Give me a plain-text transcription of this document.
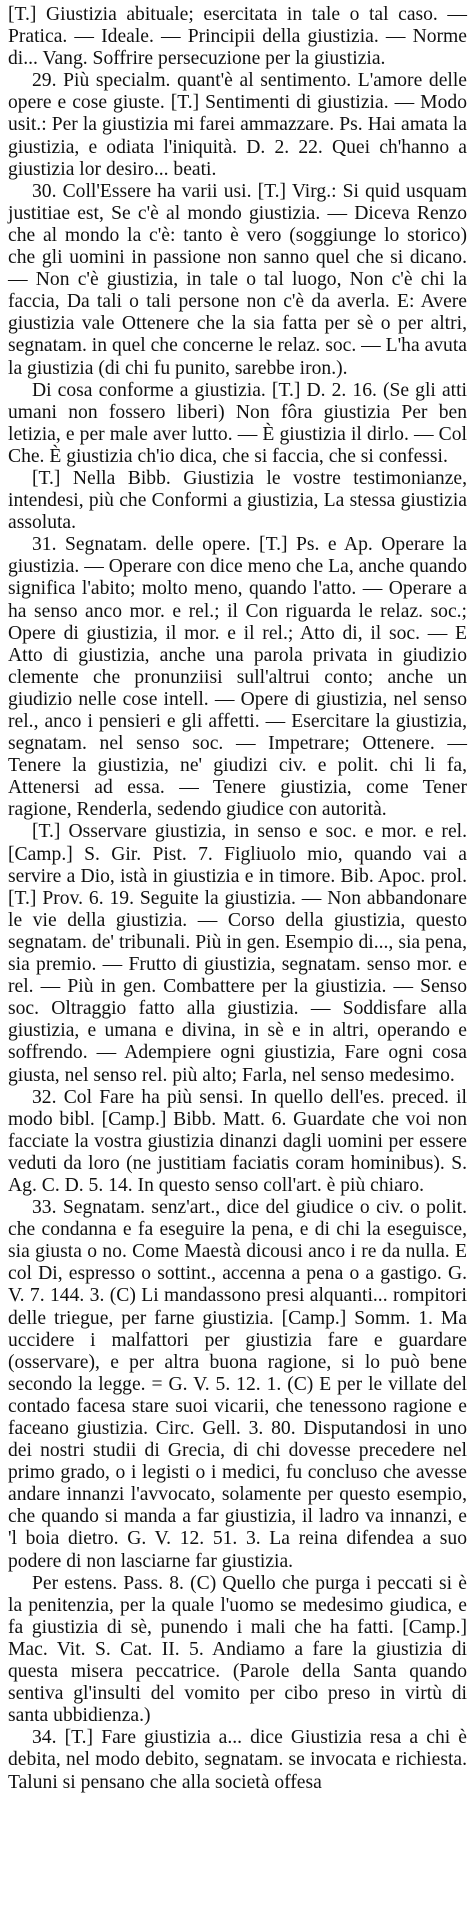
[T.] Giustizia abituale; esercitata in tale o tal caso. — Pratica. — Ideale. — Principii della giustizia. — Norme di... Vang. Soffrire persecuzione per la giustizia.

29. Più specialm. quant'è al sentimento. L'amore delle opere e cose giuste. [T.] Sentimenti di giustizia. — Modo usit.: Per la giustizia mi farei ammazzare. Ps. Hai amata la giustizia, e odiata l'iniquità. D. 2. 22. Quei ch'hanno a giustizia lor desiro... beati.

30. Coll'Essere ha varii usi. [T.] Virg.: Si quid usquam justitiae est, Se c'è al mondo giustizia. — Diceva Renzo che al mondo la c'è: tanto è vero (soggiunge lo storico) che gli uomini in passione non sanno quel che si dicano. — Non c'è giustizia, in tale o tal luogo, Non c'è chi la faccia, Da tali o tali persone non c'è da averla. E: Avere giustizia vale Ottenere che la sia fatta per sè o per altri, segnatam. in quel che concerne le relaz. soc. — L'ha avuta la giustizia (di chi fu punito, sarebbe iron.).

Di cosa conforme a giustizia. [T.] D. 2. 16. (Se gli atti umani non fossero liberi) Non fôra giustizia Per ben letizia, e per male aver lutto. — È giustizia il dirlo. — Col Che. È giustizia ch'io dica, che si faccia, che si confessi.

[T.] Nella Bibb. Giustizia le vostre testimonianze, intendesi, più che Conformi a giustizia, La stessa giustizia assoluta.

31. Segnatam. delle opere. [T.] Ps. e Ap. Operare la giustizia. — Operare con dice meno che La, anche quando significa l'abito; molto meno, quando l'atto. — Operare a ha senso anco mor. e rel.; il Con riguarda le relaz. soc.; Opere di giustizia, il mor. e il rel.; Atto di, il soc. — E Atto di giustizia, anche una parola privata in giudizio clemente che pronunziisi sull'altrui conto; anche un giudizio nelle cose intell. — Opere di giustizia, nel senso rel., anco i pensieri e gli affetti. — Esercitare la giustizia, segnatam. nel senso soc. — Impetrare; Ottenere. — Tenere la giustizia, ne' giudizi civ. e polit. chi li fa, Attenersi ad essa. — Tenere giustizia, come Tener ragione, Renderla, sedendo giudice con autorità.

[T.] Osservare giustizia, in senso e soc. e mor. e rel. [Camp.] S. Gir. Pist. 7. Figliuolo mio, quando vai a servire a Dio, istà in giustizia e in timore. Bib. Apoc. prol. [T.] Prov. 6. 19. Seguite la giustizia. — Non abbandonare le vie della giustizia. — Corso della giustizia, questo segnatam. de' tribunali. Più in gen. Esempio di..., sia pena, sia premio. — Frutto di giustizia, segnatam. senso mor. e rel. — Più in gen. Combattere per la giustizia. — Senso soc. Oltraggio fatto alla giustizia. — Soddisfare alla giustizia, e umana e divina, in sè e in altri, operando e soffrendo. — Adempiere ogni giustizia, Fare ogni cosa giusta, nel senso rel. più alto; Farla, nel senso medesimo.

32. Col Fare ha più sensi. In quello dell'es. preced. il modo bibl. [Camp.] Bibb. Matt. 6. Guardate che voi non facciate la vostra giustizia dinanzi dagli uomini per essere veduti da loro (ne justitiam faciatis coram hominibus). S. Ag. C. D. 5. 14. In questo senso coll'art. è più chiaro.

33. Segnatam. senz'art., dice del giudice o civ. o polit. che condanna e fa eseguire la pena, e di chi la eseguisce, sia giusta o no. Come Maestà dicousi anco i re da nulla. E col Di, espresso o sottint., accenna a pena o a gastigo. G. V. 7. 144. 3. (C) Li mandassono presi alquanti... rompitori delle triegue, per farne giustizia. [Camp.] Somm. 1. Ma uccidere i malfattori per giustizia fare e guardare (osservare), e per altra buona ragione, si lo può bene secondo la legge. = G. V. 5. 12. 1. (C) E per le villate del contado facesa stare suoi vicarii, che tenessono ragione e faceano giustizia. Circ. Gell. 3. 80. Disputandosi in uno dei nostri studii di Grecia, di chi dovesse precedere nel primo grado, o i legisti o i medici, fu concluso che avesse andare innanzi l'avvocato, solamente per questo esempio, che quando si manda a far giustizia, il ladro va innanzi, e 'l boia dietro. G. V. 12. 51. 3. La reina difendea a suo podere di non lasciarne far giustizia.

Per estens. Pass. 8. (C) Quello che purga i peccati si è la penitenzia, per la quale l'uomo se medesimo giudica, e fa giustizia di sè, punendo i mali che ha fatti. [Camp.] Mac. Vit. S. Cat. II. 5. Andiamo a fare la giustizia di questa misera peccatrice. (Parole della Santa quando sentiva gl'insulti del vomito per cibo preso in virtù di santa ubbidienza.)

34. [T.] Fare giustizia a... dice Giustizia resa a chi è debita, nel modo debito, segnatam. se invocata e richiesta. Taluni si pensano che alla società offesa
